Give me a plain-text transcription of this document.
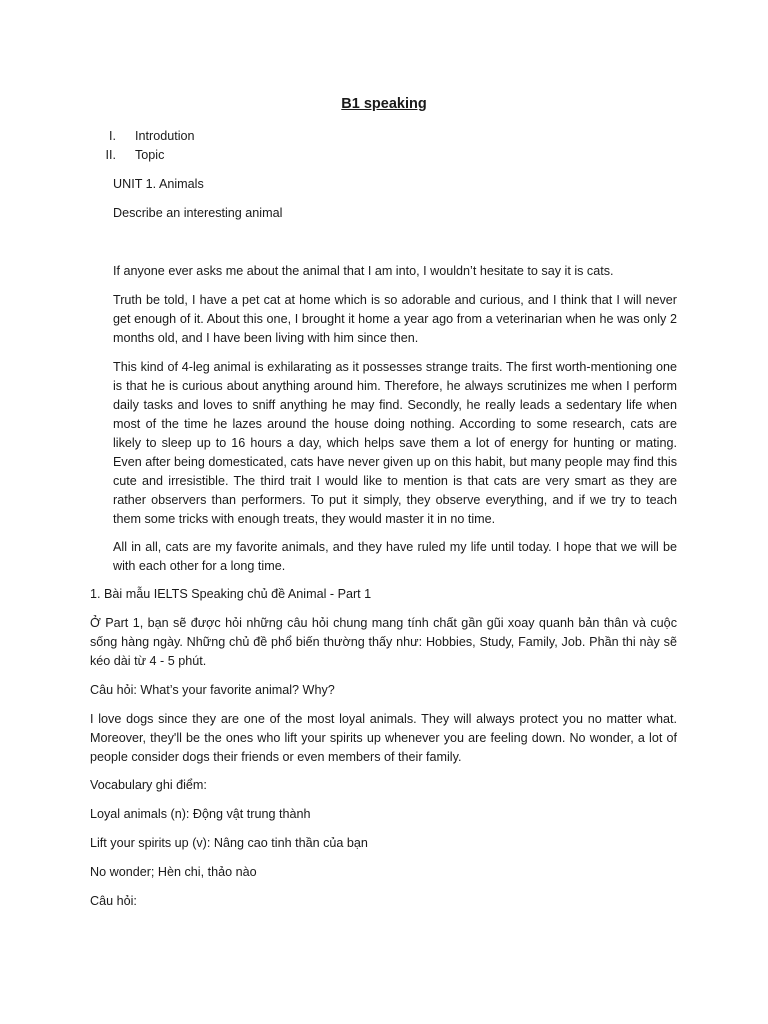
B1 speaking
I. Introdution
II. Topic

UNIT 1. Animals

Describe an interesting animal

If anyone ever asks me about the animal that I am into, I wouldn’t hesitate to say it is cats.

Truth be told, I have a pet cat at home which is so adorable and curious, and I think that I will never get enough of it. About this one, I brought it home a year ago from a veterinarian when he was only 2 months old, and I have been living with him since then.

This kind of 4-leg animal is exhilarating as it possesses strange traits. The first worth-mentioning one is that he is curious about anything around him. Therefore, he always scrutinizes me when I perform daily tasks and loves to sniff anything he may find. Secondly, he really leads a sedentary life when most of the time he lazes around the house doing nothing. According to some research, cats are likely to sleep up to 16 hours a day, which helps save them a lot of energy for hunting or mating. Even after being domesticated, cats have never given up on this habit, but many people may find this cute and irresistible. The third trait I would like to mention is that cats are very smart as they are rather observers than performers. To put it simply, they observe everything, and if we try to teach them some tricks with enough treats, they would master it in no time.

All in all, cats are my favorite animals, and they have ruled my life until today. I hope that we will be with each other for a long time.

1. Bài mẫu IELTS Speaking chủ đề Animal - Part 1

Ở Part 1, bạn sẽ được hỏi những câu hỏi chung mang tính chất gần gũi xoay quanh bản thân và cuộc sống hàng ngày. Những chủ đề phổ biến thường thấy như: Hobbies, Study, Family, Job. Phần thi này sẽ kéo dài từ 4 - 5 phút.

Câu hỏi: What’s your favorite animal? Why?

I love dogs since they are one of the most loyal animals. They will always protect you no matter what. Moreover, they'll be the ones who lift your spirits up whenever you are feeling down. No wonder, a lot of people consider dogs their friends or even members of their family.

Vocabulary ghi điểm:

Loyal animals (n): Động vật trung thành

Lift your spirits up (v): Nâng cao tinh thần của bạn

No wonder; Hèn chi, thảo nào

Câu hỏi:
